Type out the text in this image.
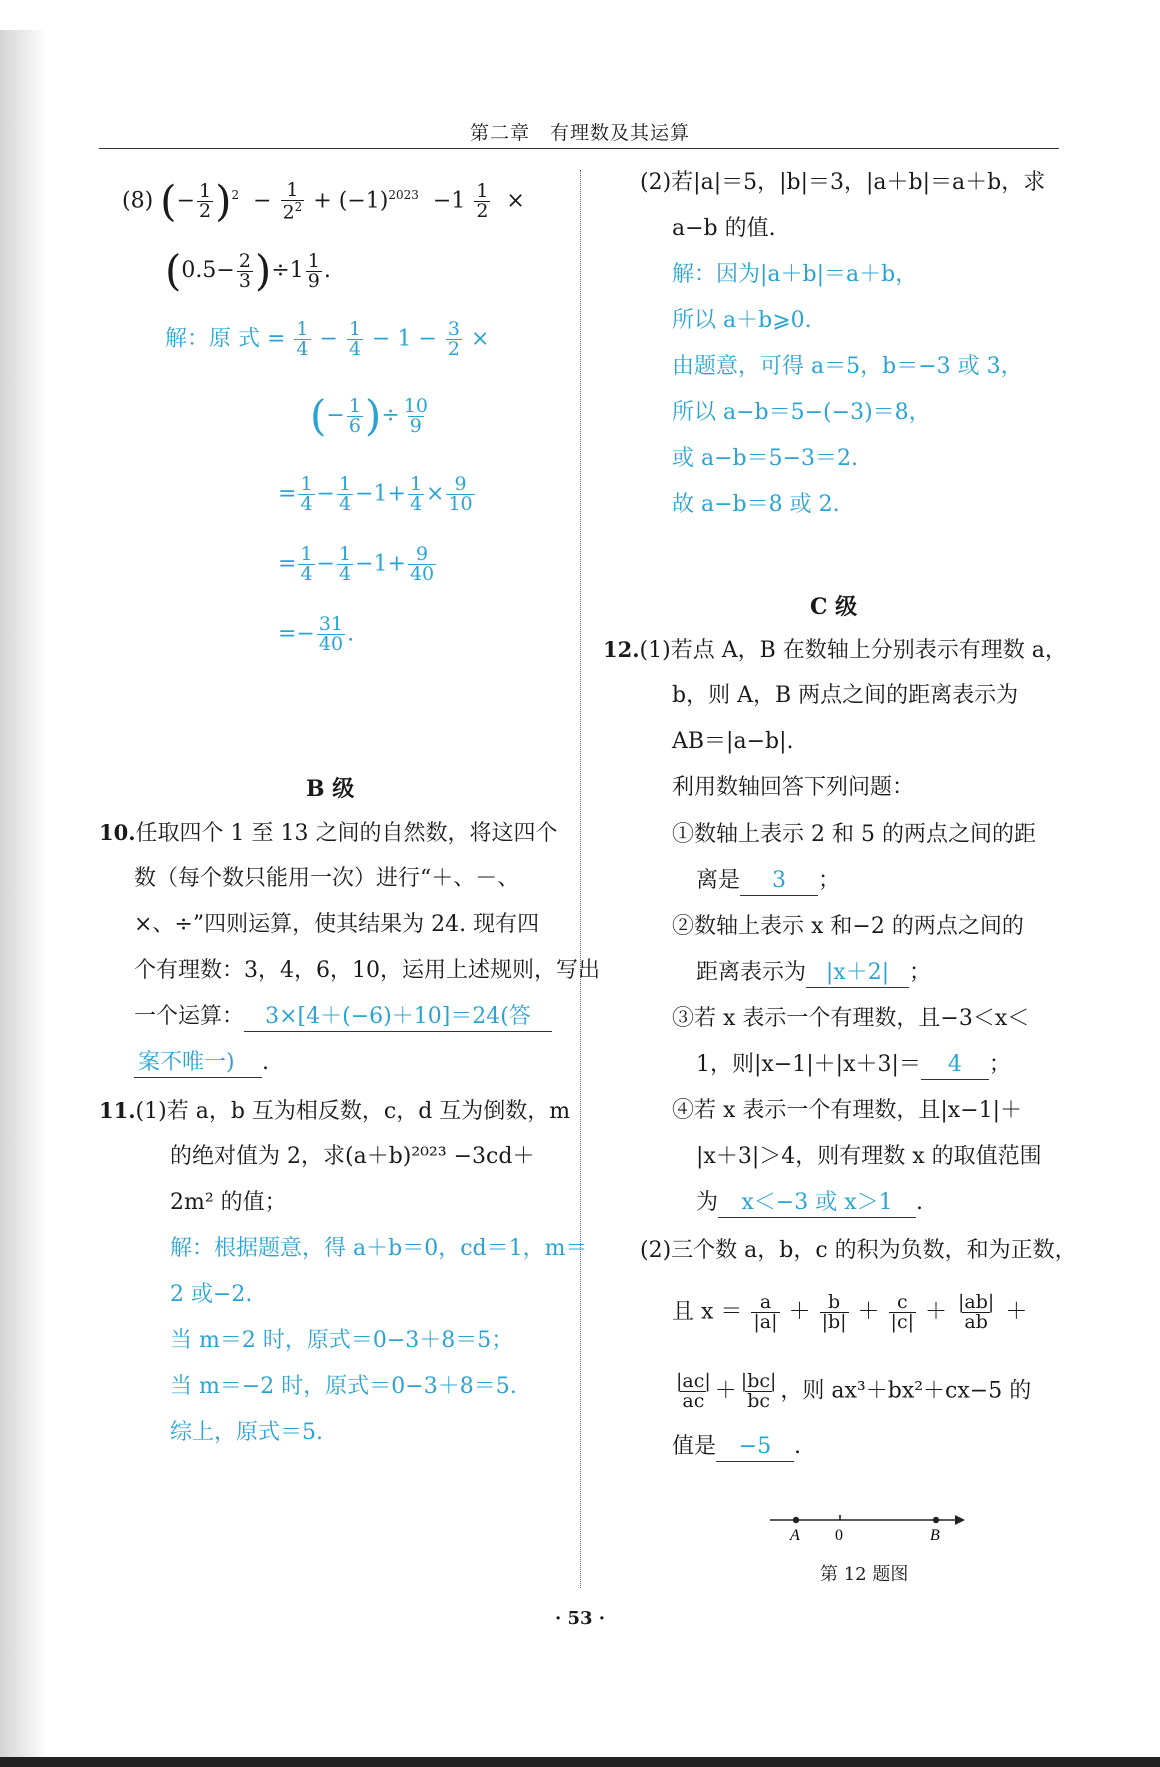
第二章　有理数及其运算
(8) (− $\frac{1}{2} )^2 - \frac{1}{2^2} + (-1)^{2023} -1 \frac{1}{2}$ ×
$(0.5- \frac{2}{3} )\div 1 \frac{1}{9}$ .
解：原 式 = $\frac{1}{4} - \frac{1}{4} - 1 - \frac{3}{2}$ ×
(− $\frac{1}{6}$ )÷ $\frac{10}{9}$
= $\frac{1}{4} - \frac{1}{4} -1+ \frac{1}{4} \times \frac{9}{10}$
= $\frac{1}{4} - \frac{1}{4} -1+ \frac{9}{40}$
=− $\frac{31}{40}$ .
B 级
10.任取四个 1 至 13 之间的自然数，将这四个
数（每个数只能用一次）进行“＋、－、
×、÷”四则运算，使其结果为 24. 现有四
个有理数：3，4，6，10，运用上述规则，写出
一个运算： 3×[4＋(−6)＋10]＝24(答
案不唯一) .
11.(1)若 a，b 互为相反数，c，d 互为倒数，m
的绝对值为 2，求(a＋b)²⁰²³ −3cd＋
2m² 的值；
解：根据题意，得 a＋b＝0，cd＝1，m＝
2 或−2.
当 m＝2 时，原式＝0−3＋8＝5；
当 m＝−2 时，原式＝0−3＋8＝5.
综上，原式＝5.
(2)若|a|＝5，|b|＝3，|a＋b|＝a＋b，求
a−b 的值.
解：因为|a＋b|＝a＋b，
所以 a＋b⩾0.
由题意，可得 a＝5，b＝−3 或 3，
所以 a−b＝5−(−3)＝8，
或 a−b＝5−3＝2.
故 a−b＝8 或 2.
C 级
12.(1)若点 A，B 在数轴上分别表示有理数 a，
b，则 A，B 两点之间的距离表示为
AB＝|a−b|.
利用数轴回答下列问题：
①数轴上表示 2 和 5 的两点之间的距
离是 3 ；
②数轴上表示 x 和−2 的两点之间的
距离表示为 |x＋2| ；
③若 x 表示一个有理数，且−3＜x＜
1，则|x−1|＋|x＋3|＝ 4 ；
④若 x 表示一个有理数，且|x−1|＋
|x＋3|＞4，则有理数 x 的取值范围
为 x＜−3 或 x＞1 .
(2)三个数 a，b，c 的积为负数，和为正数，
且 $x = \frac{a}{|a|} + \frac{b}{|b|} + \frac{c}{|c|} + \frac{|ab|}{ab}$ ＋
$\frac{|ac|}{ac} + \frac{|bc|}{bc}$ ，则 ax³＋bx²＋cx−5 的
值是 −5 .
A 0	B
第 12 题图
· 53 ·
